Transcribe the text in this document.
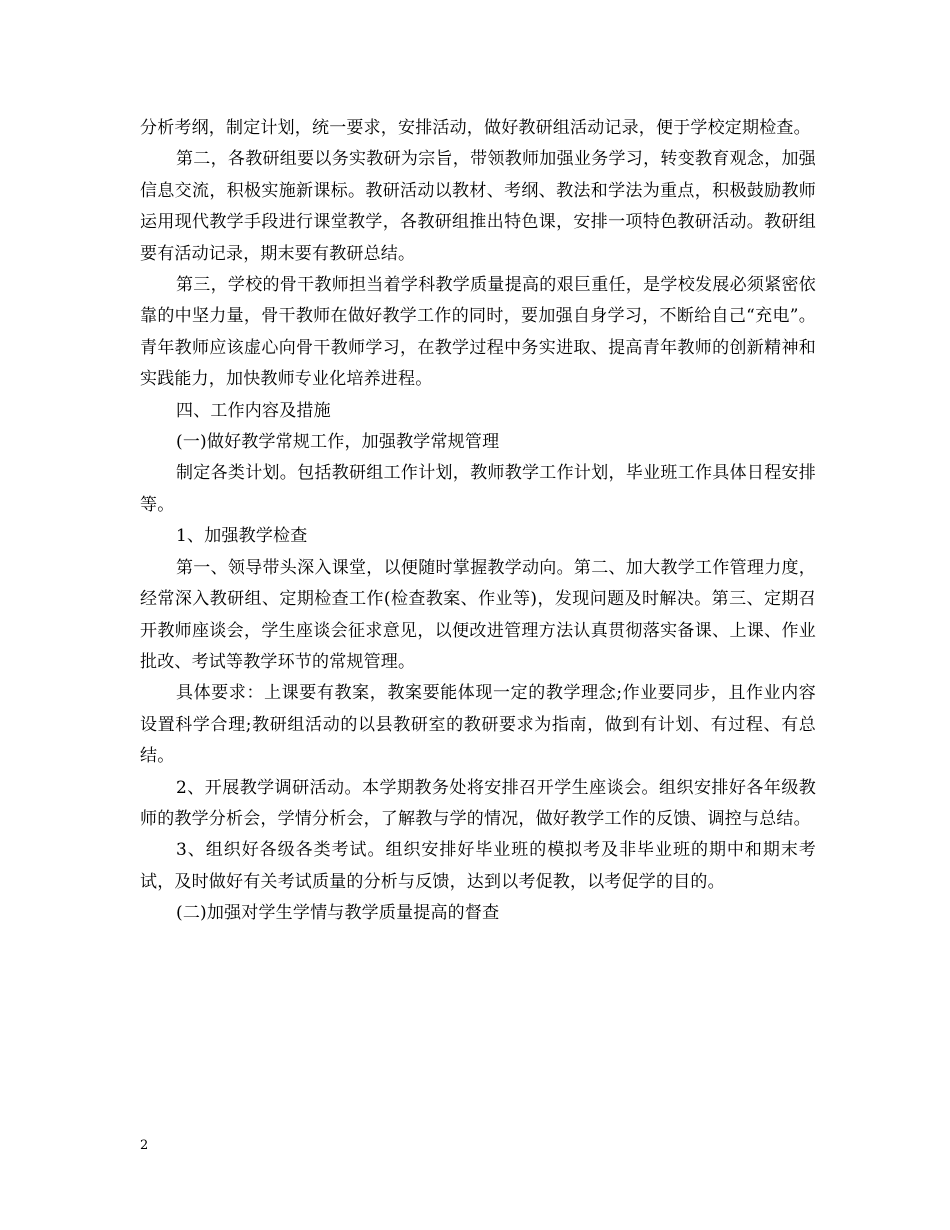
分析考纲，制定计划，统一要求，安排活动，做好教研组活动记录，便于学校定期检查。

第二，各教研组要以务实教研为宗旨，带领教师加强业务学习，转变教育观念，加强信息交流，积极实施新课标。教研活动以教材、考纲、教法和学法为重点，积极鼓励教师运用现代教学手段进行课堂教学，各教研组推出特色课，安排一项特色教研活动。教研组要有活动记录，期末要有教研总结。

第三，学校的骨干教师担当着学科教学质量提高的艰巨重任，是学校发展必须紧密依靠的中坚力量，骨干教师在做好教学工作的同时，要加强自身学习，不断给自己“充电”。青年教师应该虚心向骨干教师学习，在教学过程中务实进取、提高青年教师的创新精神和实践能力，加快教师专业化培养进程。

四、工作内容及措施

(一)做好教学常规工作，加强教学常规管理

制定各类计划。包括教研组工作计划，教师教学工作计划，毕业班工作具体日程安排等。

1、加强教学检查

第一、领导带头深入课堂，以便随时掌握教学动向。第二、加大教学工作管理力度，经常深入教研组、定期检查工作(检查教案、作业等)，发现问题及时解决。第三、定期召开教师座谈会，学生座谈会征求意见，以便改进管理方法认真贯彻落实备课、上课、作业批改、考试等教学环节的常规管理。

具体要求：上课要有教案，教案要能体现一定的教学理念;作业要同步，且作业内容设置科学合理;教研组活动的以县教研室的教研要求为指南，做到有计划、有过程、有总结。

2、开展教学调研活动。本学期教务处将安排召开学生座谈会。组织安排好各年级教师的教学分析会，学情分析会，了解教与学的情况，做好教学工作的反馈、调控与总结。

3、组织好各级各类考试。组织安排好毕业班的模拟考及非毕业班的期中和期末考试，及时做好有关考试质量的分析与反馈，达到以考促教，以考促学的目的。

(二)加强对学生学情与教学质量提高的督查

2
